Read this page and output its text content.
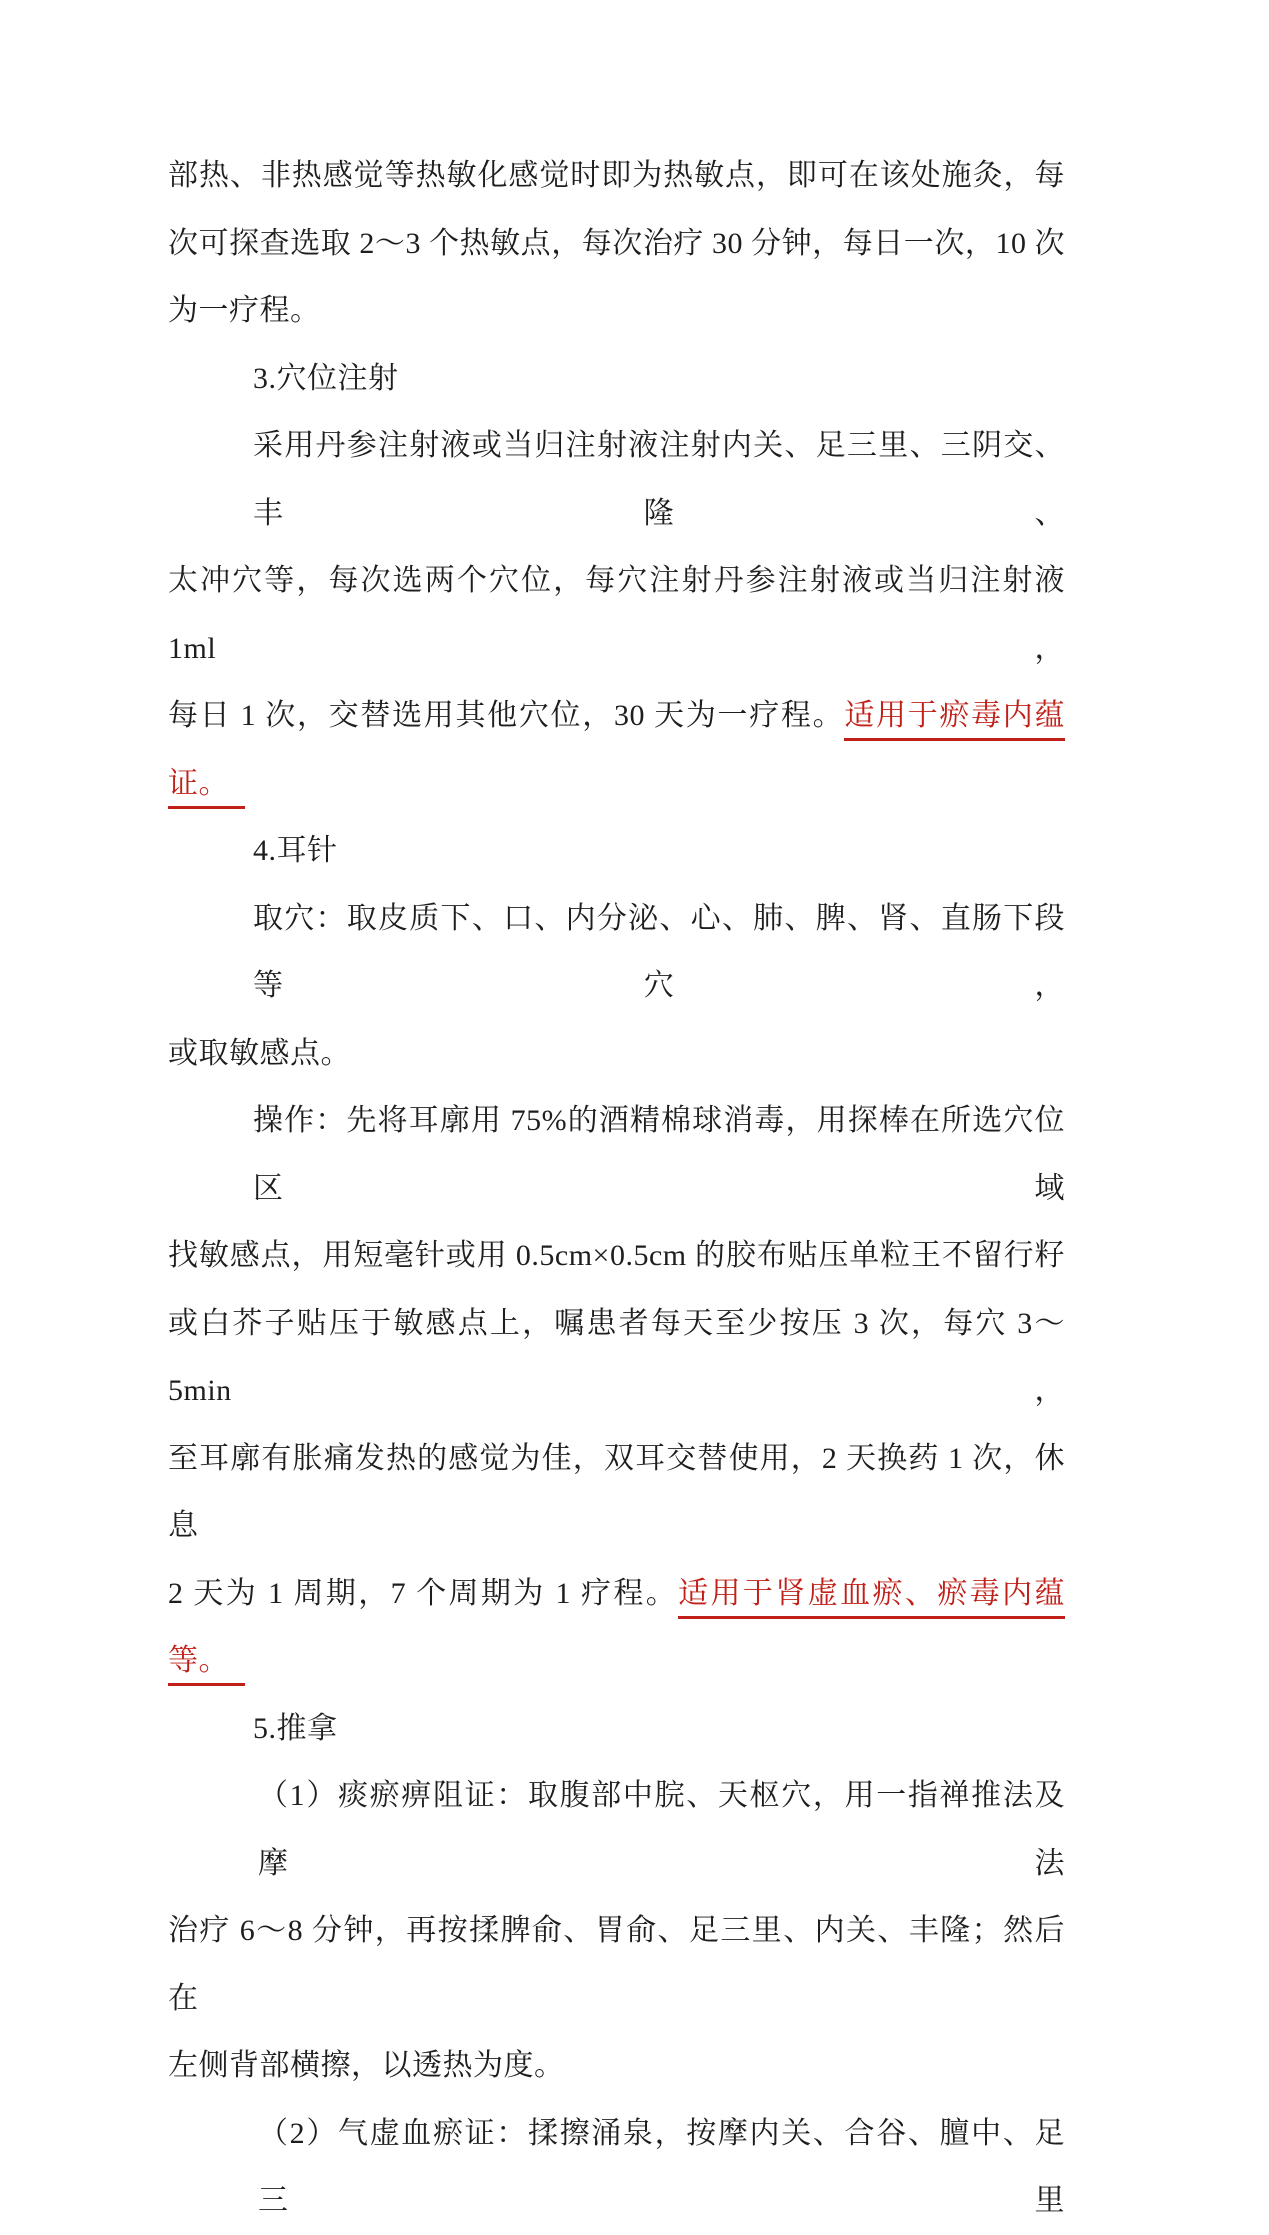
部热、非热感觉等热敏化感觉时即为热敏点，即可在该处施灸，每
次可探查选取 2～3 个热敏点，每次治疗 30 分钟，每日一次，10 次
为一疗程。
3.穴位注射
采用丹参注射液或当归注射液注射内关、足三里、三阴交、丰隆、
太冲穴等，每次选两个穴位，每穴注射丹参注射液或当归注射液 1ml，
每日 1 次，交替选用其他穴位，30 天为一疗程。适用于瘀毒内蕴
证。　
4.耳针
取穴：取皮质下、口、内分泌、心、肺、脾、肾、直肠下段等穴，
或取敏感点。
操作：先将耳廓用 75%的酒精棉球消毒，用探棒在所选穴位区域
找敏感点，用短毫针或用 0.5cm×0.5cm 的胶布贴压单粒王不留行籽
或白芥子贴压于敏感点上，嘱患者每天至少按压 3 次，每穴 3～5min，
至耳廓有胀痛发热的感觉为佳，双耳交替使用，2 天换药 1 次，休息
2 天为 1 周期，7 个周期为 1 疗程。适用于肾虚血瘀、瘀毒内蕴
等。　
5.推拿
（1）痰瘀痹阻证：取腹部中脘、天枢穴，用一指禅推法及摩法
治疗 6～8 分钟，再按揉脾俞、胃俞、足三里、内关、丰隆；然后在
左侧背部横擦，以透热为度。
（2）气虚血瘀证：揉擦涌泉，按摩内关、合谷、膻中、足三里
